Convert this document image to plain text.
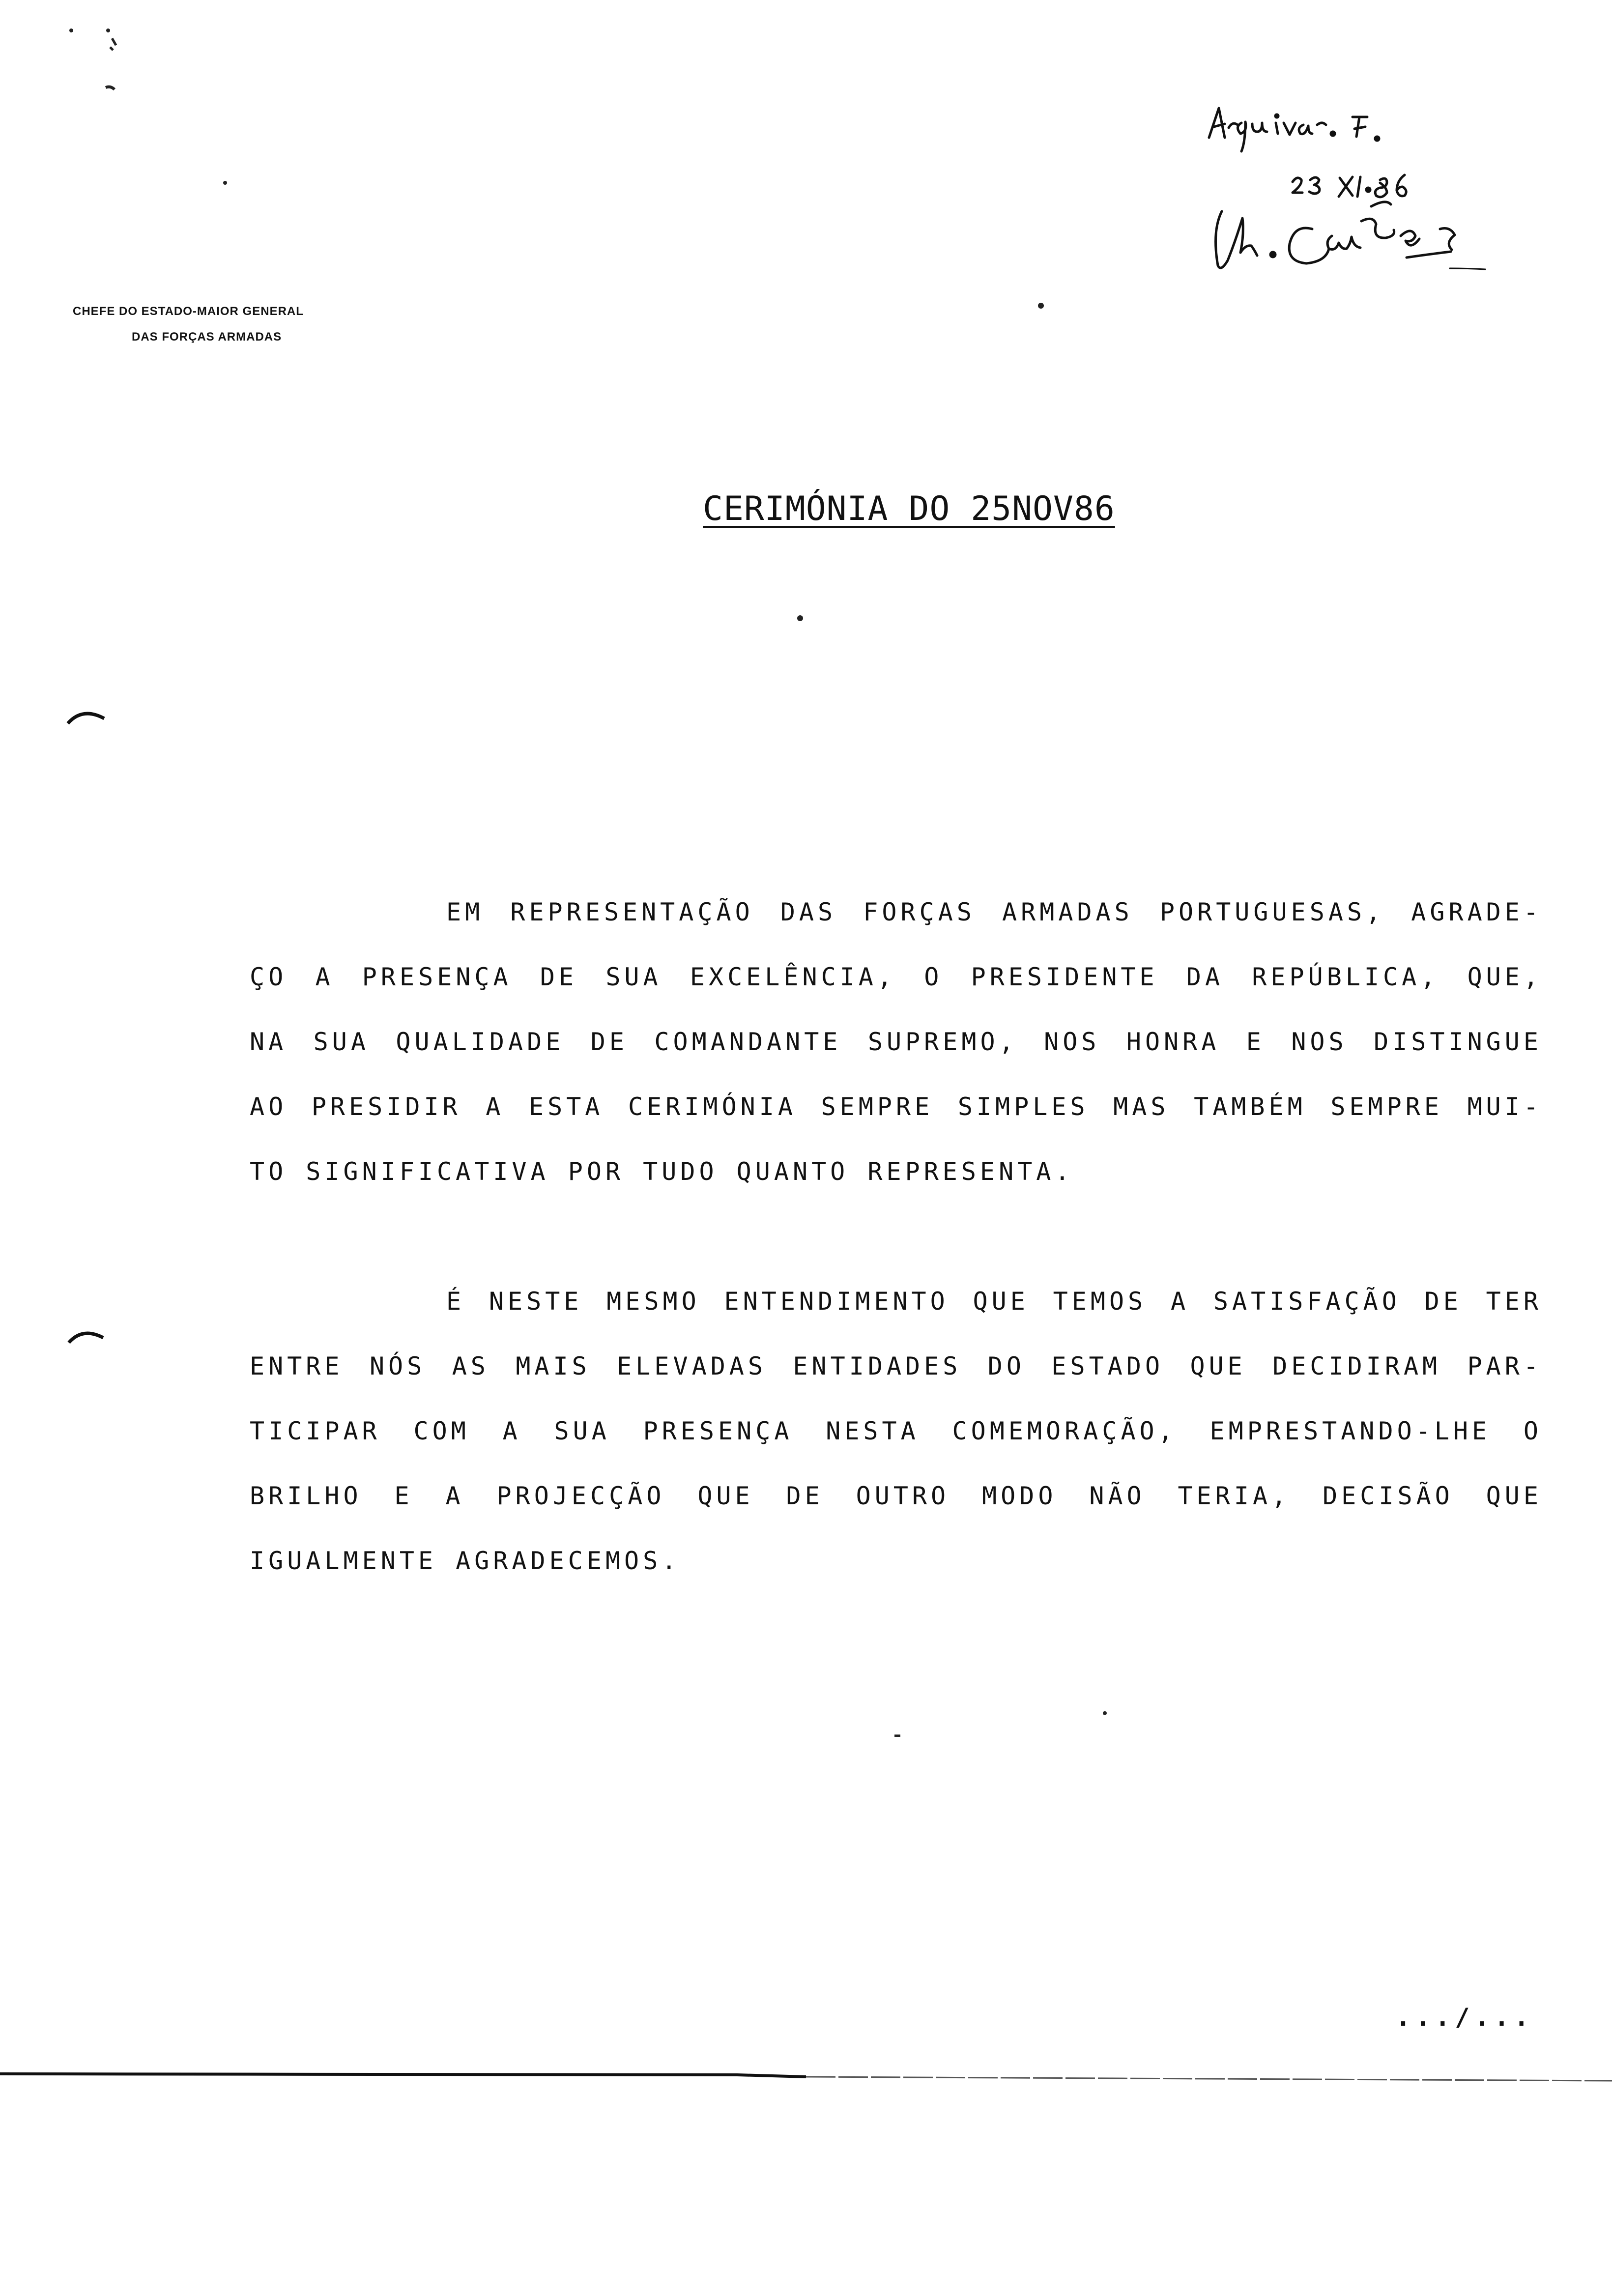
CHEFE DO ESTADO-MAIOR GENERAL
DAS FORÇAS ARMADAS
CERIMÓNIA DO 25NOV86
EM REPRESENTAÇÃO DAS FORÇAS ARMADAS PORTUGUESAS, AGRADE-
ÇO A PRESENÇA DE SUA EXCELÊNCIA, O PRESIDENTE DA REPÚBLICA, QUE,
NA SUA QUALIDADE DE COMANDANTE SUPREMO, NOS HONRA E NOS DISTINGUE
AO PRESIDIR A ESTA CERIMÓNIA SEMPRE SIMPLES MAS TAMBÉM SEMPRE MUI-
TO SIGNIFICATIVA POR TUDO QUANTO REPRESENTA.
É NESTE MESMO ENTENDIMENTO QUE TEMOS A SATISFAÇÃO DE TER
ENTRE NÓS AS MAIS ELEVADAS ENTIDADES DO ESTADO QUE DECIDIRAM PAR-
TICIPAR COM A SUA PRESENÇA NESTA COMEMORAÇÃO, EMPRESTANDO-LHE O
BRILHO E A PROJECÇÃO QUE DE OUTRO MODO NÃO TERIA, DECISÃO QUE
IGUALMENTE AGRADECEMOS.
.../...
